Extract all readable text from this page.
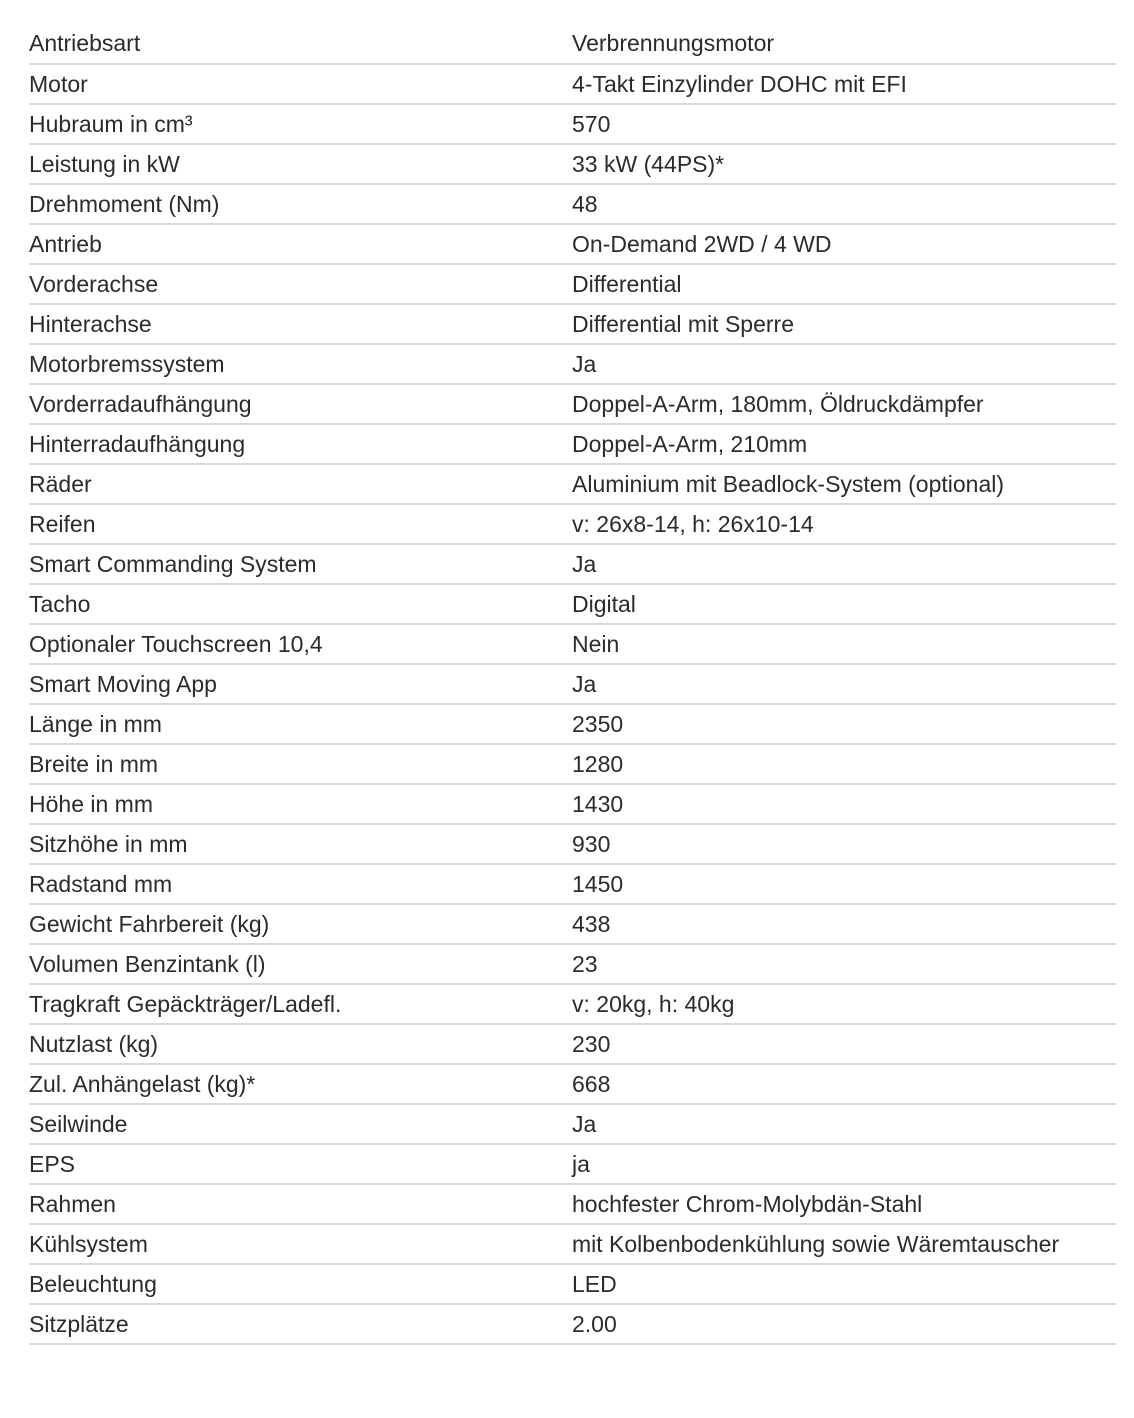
Antriebsart	Verbrennungsmotor
Motor	4-Takt Einzylinder DOHC mit EFI
Hubraum in cm³	570
Leistung in kW	33 kW (44PS)*
Drehmoment (Nm)	48
Antrieb	On-Demand 2WD / 4 WD
Vorderachse	Differential
Hinterachse	Differential mit Sperre
Motorbremssystem	Ja
Vorderradaufhängung	Doppel-A-Arm, 180mm, Öldruckdämpfer
Hinterradaufhängung	Doppel-A-Arm, 210mm
Räder	Aluminium mit Beadlock-System (optional)
Reifen	v: 26x8-14, h: 26x10-14
Smart Commanding System	Ja
Tacho	Digital
Optionaler Touchscreen 10,4	Nein
Smart Moving App	Ja
Länge in mm	2350
Breite in mm	1280
Höhe in mm	1430
Sitzhöhe in mm	930
Radstand mm	1450
Gewicht Fahrbereit (kg)	438
Volumen Benzintank (l)	23
Tragkraft Gepäckträger/Ladefl.	v: 20kg, h: 40kg
Nutzlast (kg)	230
Zul. Anhängelast (kg)*	668
Seilwinde	Ja
EPS	ja
Rahmen	hochfester Chrom-Molybdän-Stahl
Kühlsystem	mit Kolbenbodenkühlung sowie Wäremtauscher
Beleuchtung	LED
Sitzplätze	2.00
